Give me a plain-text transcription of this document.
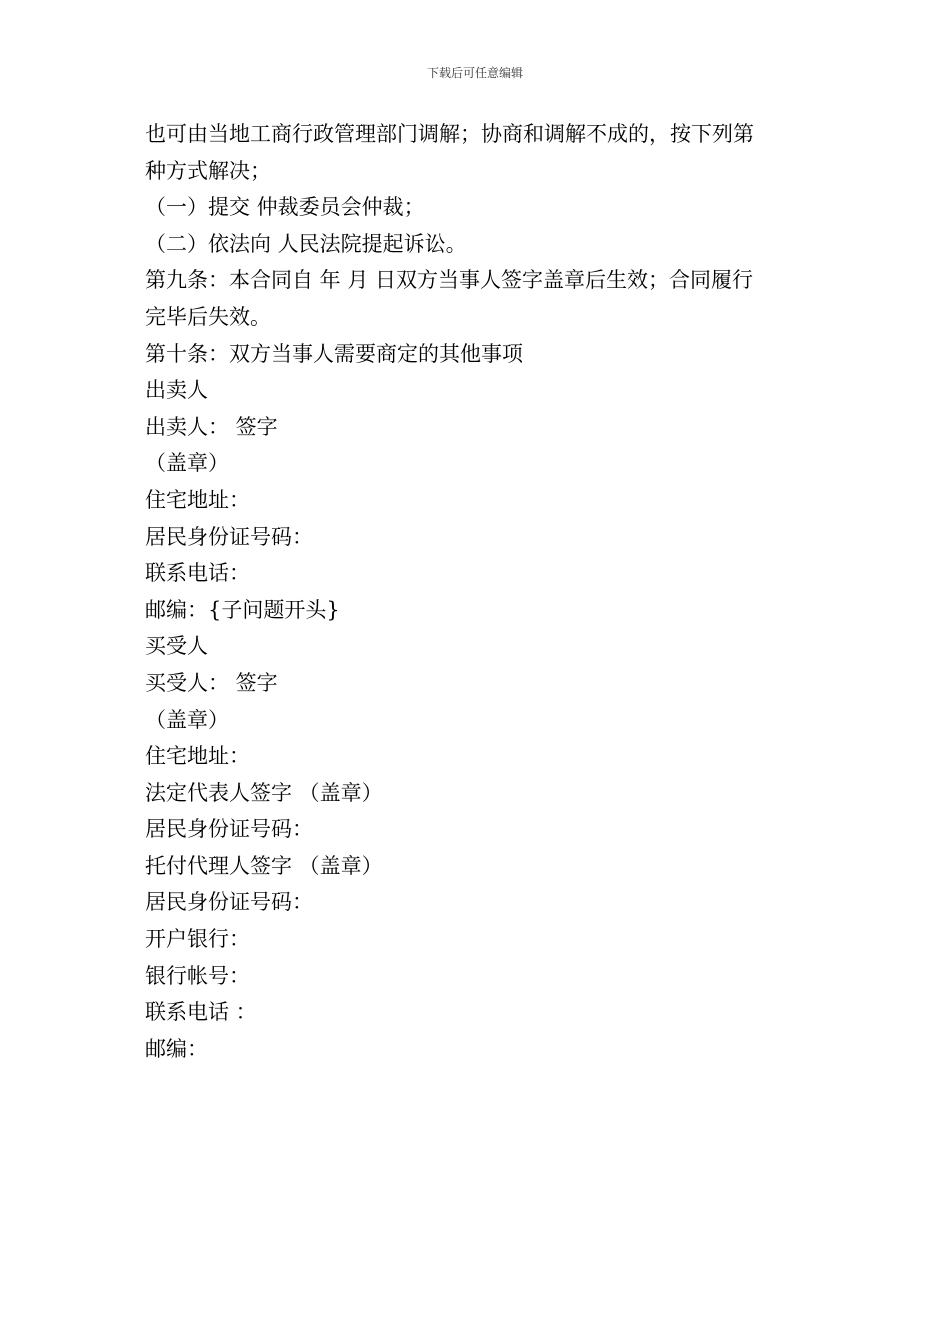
下载后可任意编辑

也可由当地工商行政管理部门调解；协商和调解不成的，按下列第

种方式解决；

（一）提交 仲裁委员会仲裁；

（二）依法向 人民法院提起诉讼。

第九条：本合同自 年 月 日双方当事人签字盖章后生效；合同履行

完毕后失效。

第十条：双方当事人需要商定的其他事项

出卖人

出卖人： 签字

（盖章）

住宅地址：

居民身份证号码：

联系电话：

邮编：{子问题开头}

买受人

买受人： 签字

（盖章）

住宅地址：

法定代表人签字 （盖章）

居民身份证号码：

托付代理人签字 （盖章）

居民身份证号码：

开户银行：

银行帐号：

联系电话 ：

邮编：
